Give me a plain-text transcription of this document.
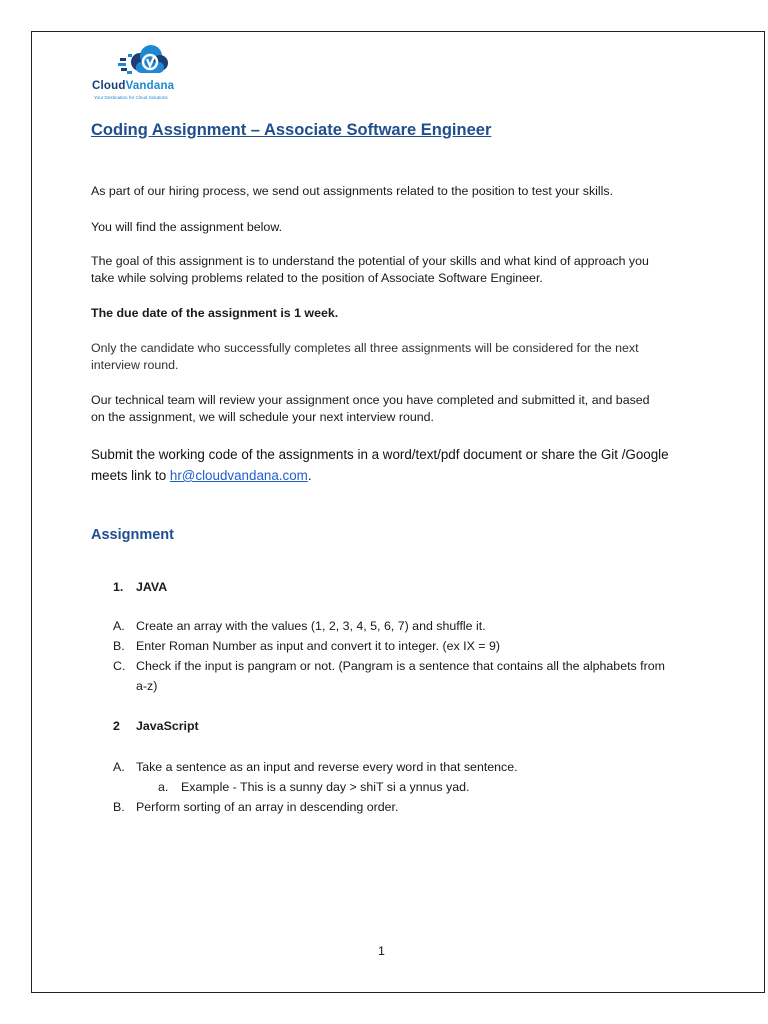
CloudVandana
Your Destination for Cloud Solutions
Coding Assignment – Associate Software Engineer
As part of our hiring process, we send out assignments related to the position to test your skills.
You will find the assignment below.
The goal of this assignment is to understand the potential of your skills and what kind of approach you
take while solving problems related to the position of Associate Software Engineer.
The due date of the assignment is 1 week.
Only the candidate who successfully completes all three assignments will be considered for the next
interview round.
Our technical team will review your assignment once you have completed and submitted it, and based
on the assignment, we will schedule your next interview round.
Submit the working code of the assignments in a word/text/pdf document or share the Git /Google
meets link to hr@cloudvandana.com.
Assignment
1. JAVA
A. Create an array with the values (1, 2, 3, 4, 5, 6, 7) and shuffle it.
B. Enter Roman Number as input and convert it to integer. (ex IX = 9)
C. Check if the input is pangram or not. (Pangram is a sentence that contains all the alphabets from
a-z)
2 JavaScript
A. Take a sentence as an input and reverse every word in that sentence.
a. Example - This is a sunny day > shiT si a ynnus yad.
B. Perform sorting of an array in descending order.
1
